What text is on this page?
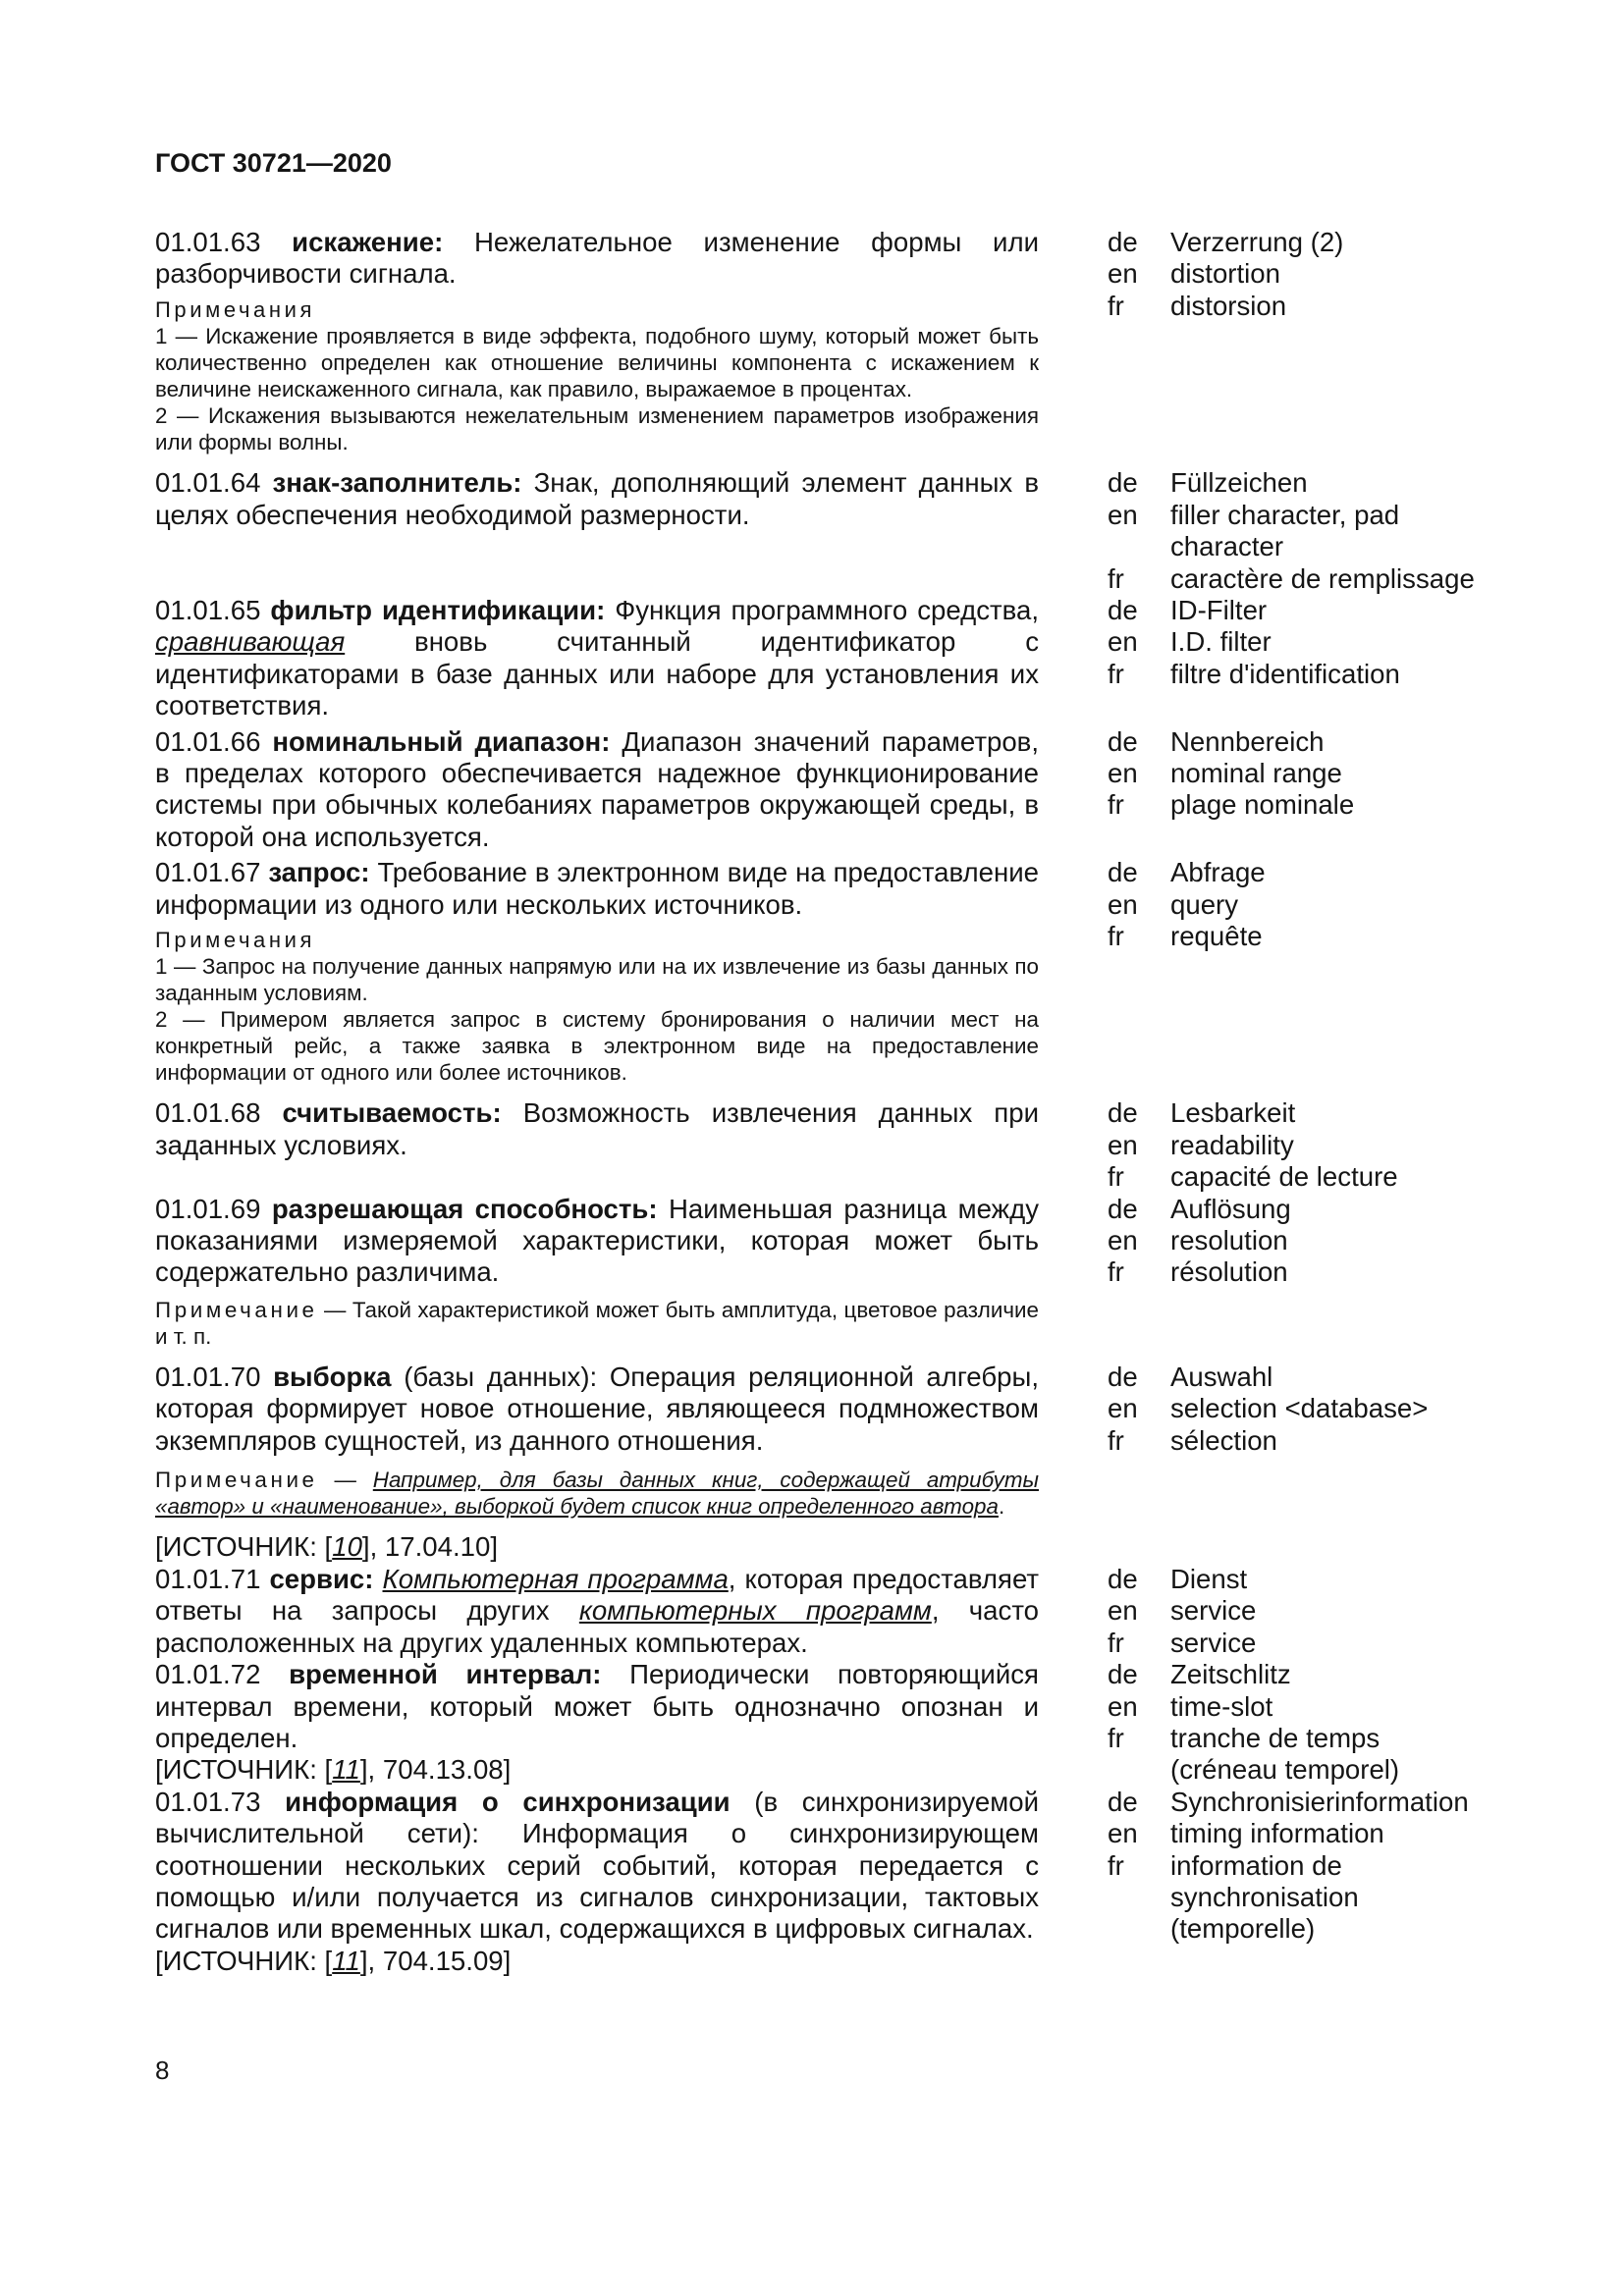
ГОСТ 30721—2020

01.01.63 искажение: Нежелательное изменение формы или разборчивости сигнала.

Примечания

1 — Искажение проявляется в виде эффекта, подобного шуму, который может быть количественно определен как отношение величины компонента с искажением к величине неискаженного сигнала, как правило, выражаемое в процентах.

2 — Искажения вызываются нежелательным изменением параметров изображения или формы волны.

de	Verzerrung (2)
en	distortion
fr	distorsion

01.01.64 знак-заполнитель: Знак, дополняющий элемент данных в целях обеспечения необходимой размерности.

de	Füllzeichen
en	filler character, pad character
fr	caractère de remplissage

01.01.65 фильтр идентификации: Функция программного средства, сравнивающая вновь считанный идентификатор с идентификаторами в базе данных или наборе для установления их соответствия.

de	ID-Filter
en	I.D. filter
fr	filtre d'identification

01.01.66 номинальный диапазон: Диапазон значений параметров, в пределах которого обеспечивается надежное функционирование системы при обычных колебаниях параметров окружающей среды, в которой она используется.

de	Nennbereich
en	nominal range
fr	plage nominale

01.01.67 запрос: Требование в электронном виде на предоставление информации из одного или нескольких источников.

Примечания

1 — Запрос на получение данных напрямую или на их извлечение из базы данных по заданным условиям.

2 — Примером является запрос в систему бронирования о наличии мест на конкретный рейс, а также заявка в электронном виде на предоставление информации от одного или более источников.

de	Abfrage
en	query
fr	requête

01.01.68 считываемость: Возможность извлечения данных при заданных условиях.

de	Lesbarkeit
en	readability
fr	capacité de lecture

01.01.69 разрешающая способность: Наименьшая разница между показаниями измеряемой характеристики, которая может быть содержательно различима.

Примечание — Такой характеристикой может быть амплитуда, цветовое различие и т. п.

de	Auflösung
en	resolution
fr	résolution

01.01.70 выборка (базы данных): Операция реляционной алгебры, которая формирует новое отношение, являющееся подмножеством экземпляров сущностей, из данного отношения.

Примечание — Например, для базы данных книг, содержащей атрибуты «автор» и «наименование», выборкой будет список книг определенного автора.

[ИСТОЧНИК: [10], 17.04.10]

de	Auswahl
en	selection <database>
fr	sélection

01.01.71 сервис: Компьютерная программа, которая предоставляет ответы на запросы других компьютерных программ, часто расположенных на других удаленных компьютерах.

de	Dienst
en	service
fr	service

01.01.72 временной интервал: Периодически повторяющийся интервал времени, который может быть однозначно опознан и определен.

[ИСТОЧНИК: [11], 704.13.08]

de	Zeitschlitz
en	time-slot
fr	tranche de temps (créneau temporel)

01.01.73 информация о синхронизации (в синхронизируемой вычислительной сети): Информация о синхронизирующем соотношении нескольких серий событий, которая передается с помощью и/или получается из сигналов синхронизации, тактовых сигналов или временных шкал, содержащихся в цифровых сигналах.

[ИСТОЧНИК: [11], 704.15.09]

de	Synchronisierinformation
en	timing information
fr	information de synchronisation (temporelle)
8
